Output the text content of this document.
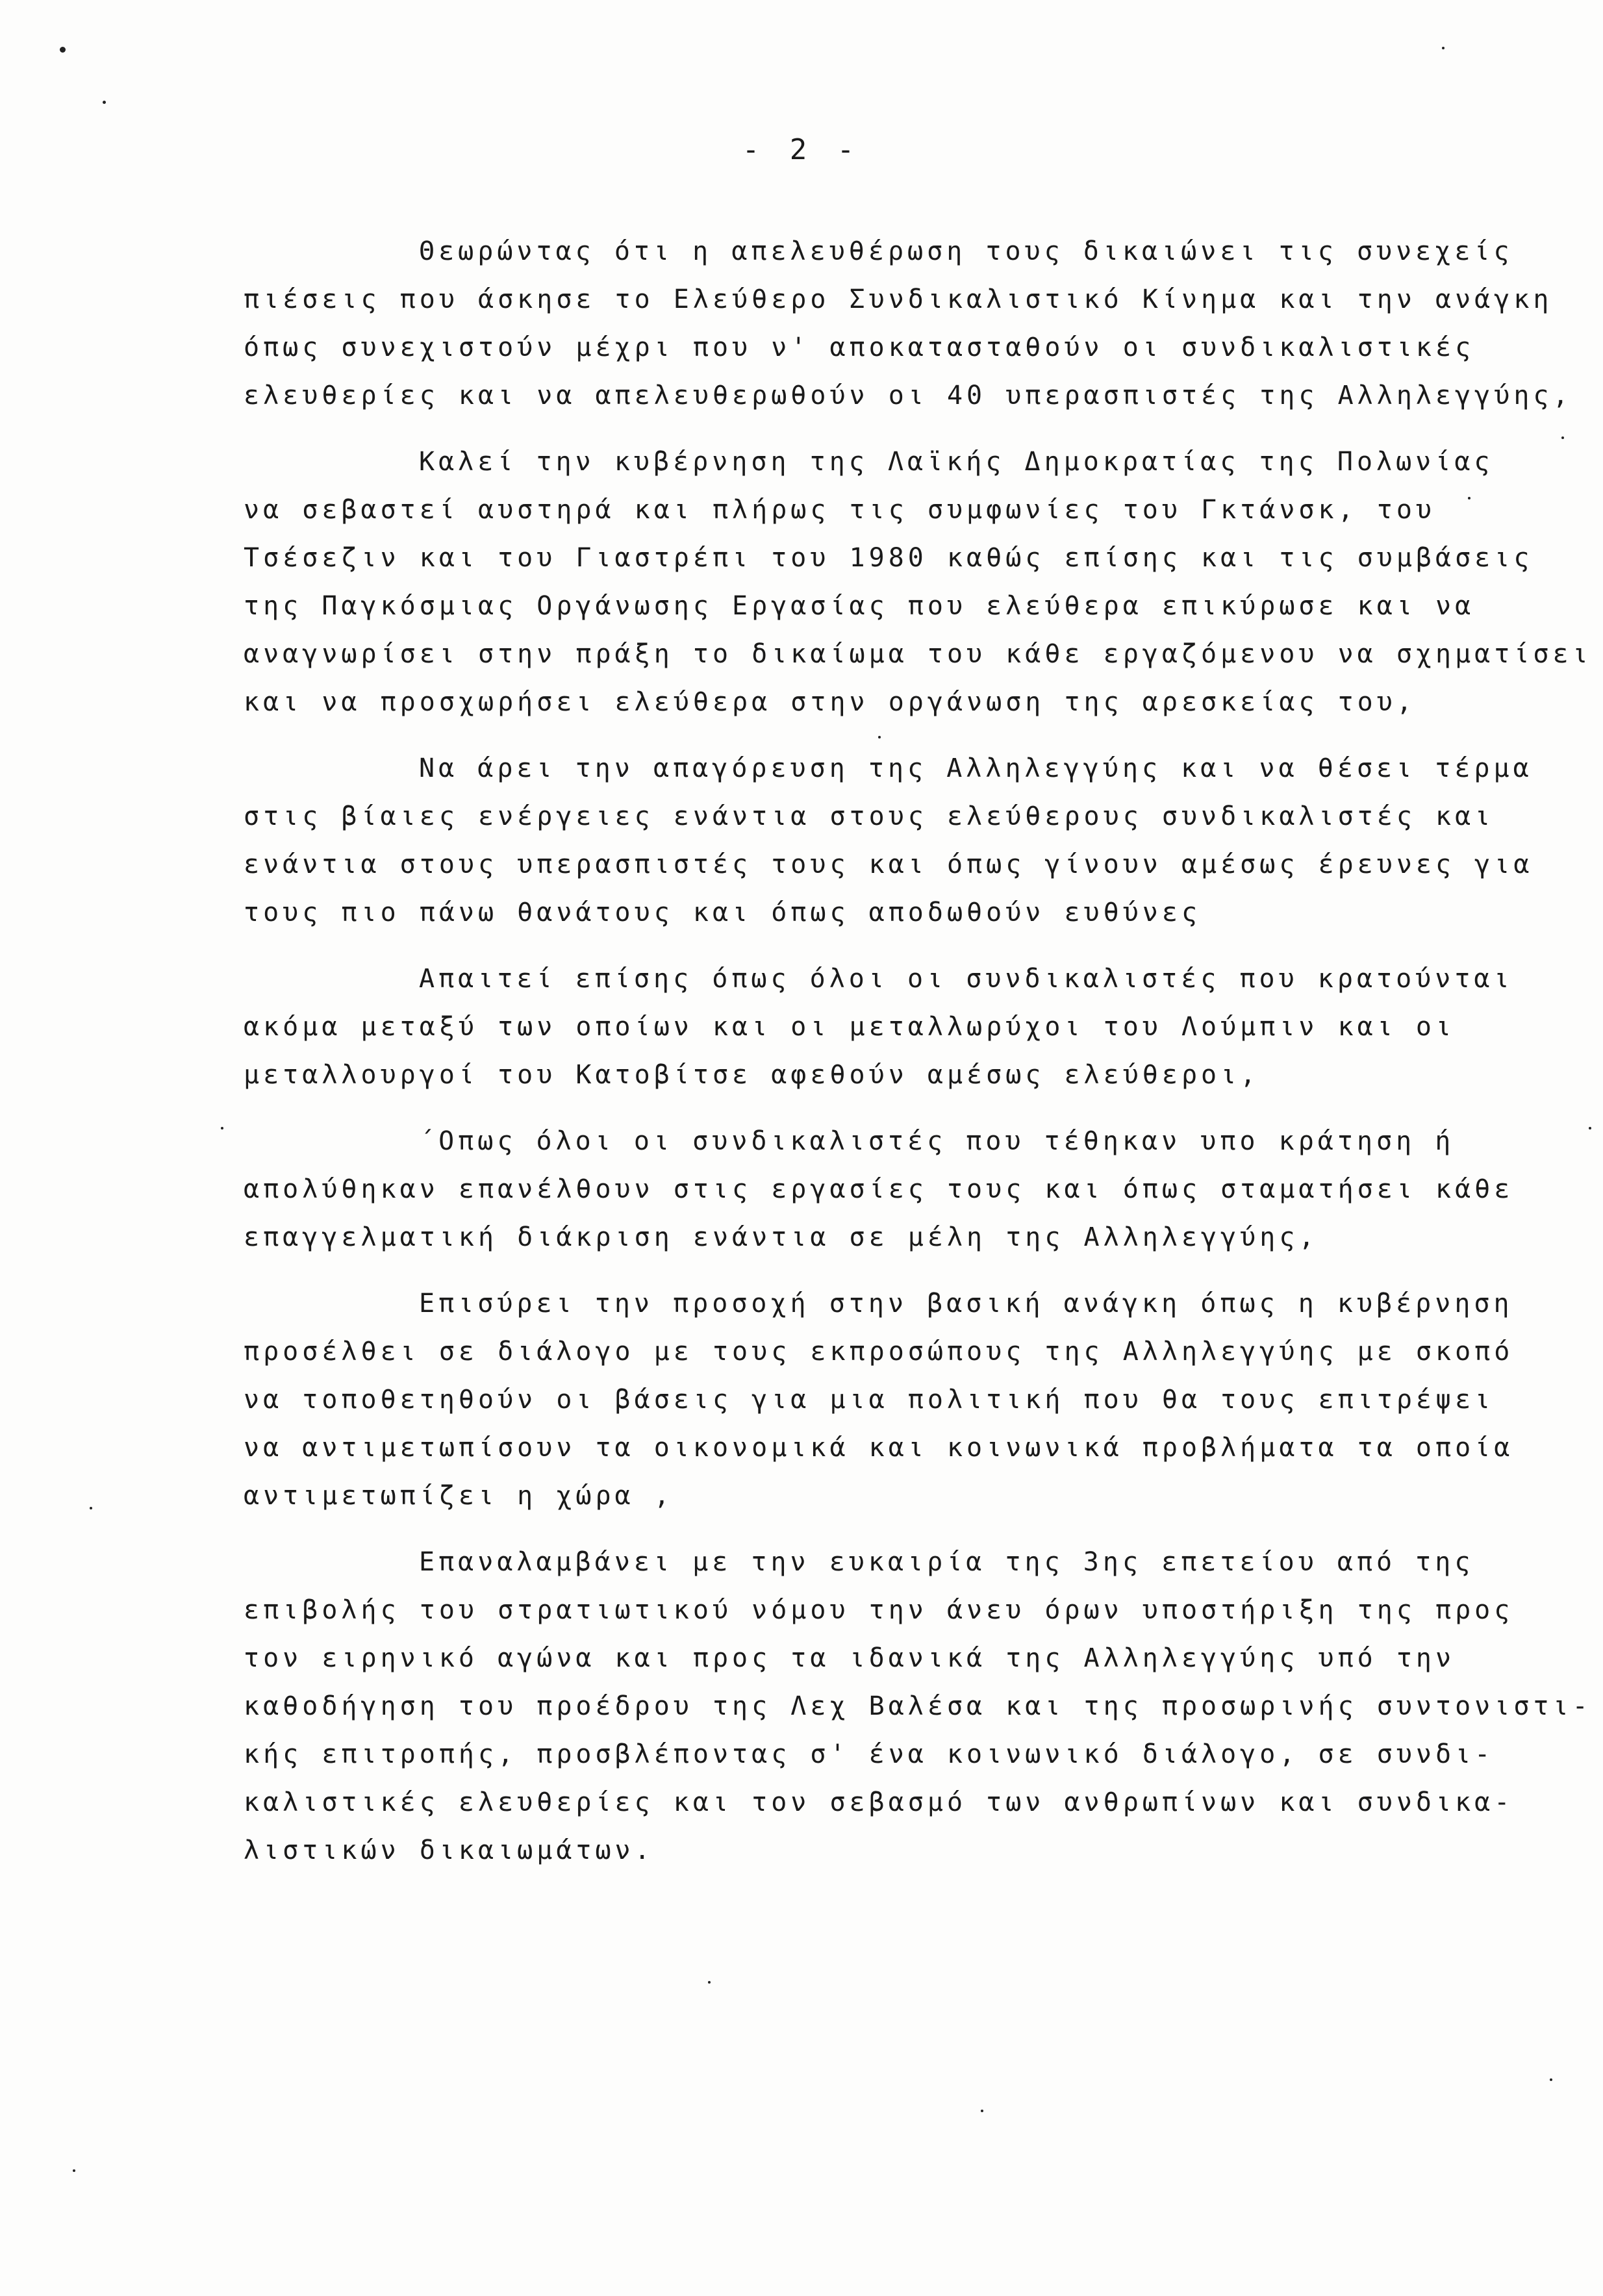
- 2 -

Θεωρώντας ότι η απελευθέρωση τους δικαιώνει τις συνεχείς
πιέσεις που άσκησε το Ελεύθερο Συνδικαλιστικό Κίνημα και την ανάγκη
όπως συνεχιστούν μέχρι που ν' αποκατασταθούν οι συνδικαλιστικές
ελευθερίες και να απελευθερωθούν οι 40 υπερασπιστές της Αλληλεγγύης,

Καλεί την κυβέρνηση της Λαϊκής Δημοκρατίας της Πολωνίας
να σεβαστεί αυστηρά και πλήρως τις συμφωνίες του Γκτάνσκ, του
Τσέσεζιν και του Γιαστρέπι του 1980 καθώς επίσης και τις συμβάσεις
της Παγκόσμιας Οργάνωσης Εργασίας που ελεύθερα επικύρωσε και να
αναγνωρίσει στην πράξη το δικαίωμα του κάθε εργαζόμενου να σχηματίσει
και να προσχωρήσει ελεύθερα στην οργάνωση της αρεσκείας του,

Να άρει την απαγόρευση της Αλληλεγγύης και να θέσει τέρμα
στις βίαιες ενέργειες ενάντια στους ελεύθερους συνδικαλιστές και
ενάντια στους υπερασπιστές τους και όπως γίνουν αμέσως έρευνες για
τους πιο πάνω θανάτους και όπως αποδωθούν ευθύνες

Απαιτεί επίσης όπως όλοι οι συνδικαλιστές που κρατούνται
ακόμα μεταξύ των οποίων και οι μεταλλωρύχοι του Λούμπιν και οι
μεταλλουργοί του Κατοβίτσε αφεθούν αμέσως ελεύθεροι,

΄Οπως όλοι οι συνδικαλιστές που τέθηκαν υπο κράτηση ή
απολύθηκαν επανέλθουν στις εργασίες τους και όπως σταματήσει κάθε
επαγγελματική διάκριση ενάντια σε μέλη της Αλληλεγγύης,

Επισύρει την προσοχή στην βασική ανάγκη όπως η κυβέρνηση
προσέλθει σε διάλογο με τους εκπροσώπους της Αλληλεγγύης με σκοπό
να τοποθετηθούν οι βάσεις για μια πολιτική που θα τους επιτρέψει
να αντιμετωπίσουν τα οικονομικά και κοινωνικά προβλήματα τα οποία
αντιμετωπίζει η χώρα ,

Επαναλαμβάνει με την ευκαιρία της 3ης επετείου από της
επιβολής του στρατιωτικού νόμου την άνευ όρων υποστήριξη της προς
τον ειρηνικό αγώνα και προς τα ιδανικά της Αλληλεγγύης υπό την
καθοδήγηση του προέδρου της Λεχ Βαλέσα και της προσωρινής συντονιστι-
κής επιτροπής, προσβλέποντας σ' ένα κοινωνικό διάλογο, σε συνδι-
καλιστικές ελευθερίες και τον σεβασμό των ανθρωπίνων και συνδικα-
λιστικών δικαιωμάτων.
